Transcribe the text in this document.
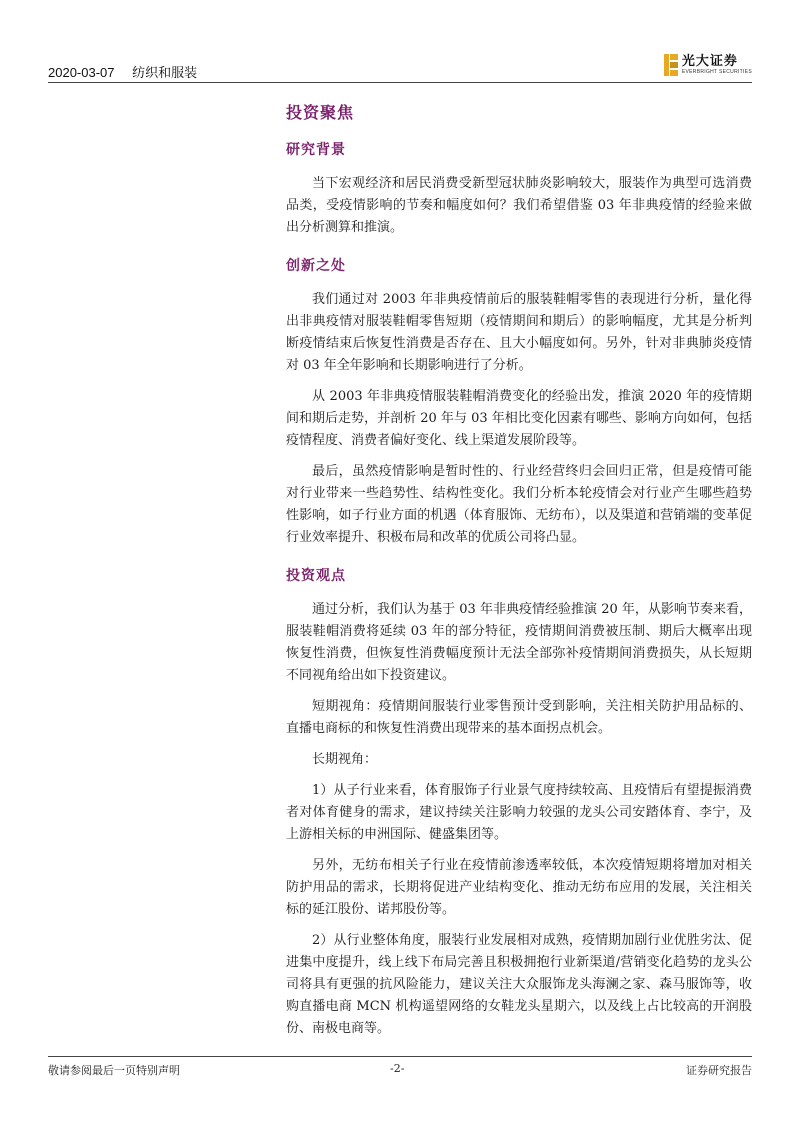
2020-03-07 纺织和服装
光大证券
EVERBRIGHT SECURITIES
投资聚焦
研究背景

当下宏观经济和居民消费受新型冠状肺炎影响较大，服装作为典型可选消费品类，受疫情影响的节奏和幅度如何？我们希望借鉴 03 年非典疫情的经验来做出分析测算和推演。

创新之处

我们通过对 2003 年非典疫情前后的服装鞋帽零售的表现进行分析，量化得出非典疫情对服装鞋帽零售短期（疫情期间和期后）的影响幅度，尤其是分析判断疫情结束后恢复性消费是否存在、且大小幅度如何。另外，针对非典肺炎疫情对 03 年全年影响和长期影响进行了分析。

从 2003 年非典疫情服装鞋帽消费变化的经验出发，推演 2020 年的疫情期间和期后走势，并剖析 20 年与 03 年相比变化因素有哪些、影响方向如何，包括疫情程度、消费者偏好变化、线上渠道发展阶段等。

最后，虽然疫情影响是暂时性的、行业经营终归会回归正常，但是疫情可能对行业带来一些趋势性、结构性变化。我们分析本轮疫情会对行业产生哪些趋势性影响，如子行业方面的机遇（体育服饰、无纺布），以及渠道和营销端的变革促行业效率提升、积极布局和改革的优质公司将凸显。

投资观点

通过分析，我们认为基于 03 年非典疫情经验推演 20 年，从影响节奏来看，服装鞋帽消费将延续 03 年的部分特征，疫情期间消费被压制、期后大概率出现恢复性消费，但恢复性消费幅度预计无法全部弥补疫情期间消费损失，从长短期不同视角给出如下投资建议。

短期视角：疫情期间服装行业零售预计受到影响，关注相关防护用品标的、直播电商标的和恢复性消费出现带来的基本面拐点机会。

长期视角：

1）从子行业来看，体育服饰子行业景气度持续较高、且疫情后有望提振消费者对体育健身的需求，建议持续关注影响力较强的龙头公司安踏体育、李宁，及上游相关标的申洲国际、健盛集团等。

另外，无纺布相关子行业在疫情前渗透率较低，本次疫情短期将增加对相关防护用品的需求，长期将促进产业结构变化、推动无纺布应用的发展，关注相关标的延江股份、诺邦股份等。

2）从行业整体角度，服装行业发展相对成熟，疫情期加剧行业优胜劣汰、促进集中度提升，线上线下布局完善且积极拥抱行业新渠道/营销变化趋势的龙头公司将具有更强的抗风险能力，建议关注大众服饰龙头海澜之家、森马服饰等，收购直播电商 MCN 机构遥望网络的女鞋龙头星期六，以及线上占比较高的开润股份、南极电商等。

敬请参阅最后一页特别声明	-2-	证券研究报告
